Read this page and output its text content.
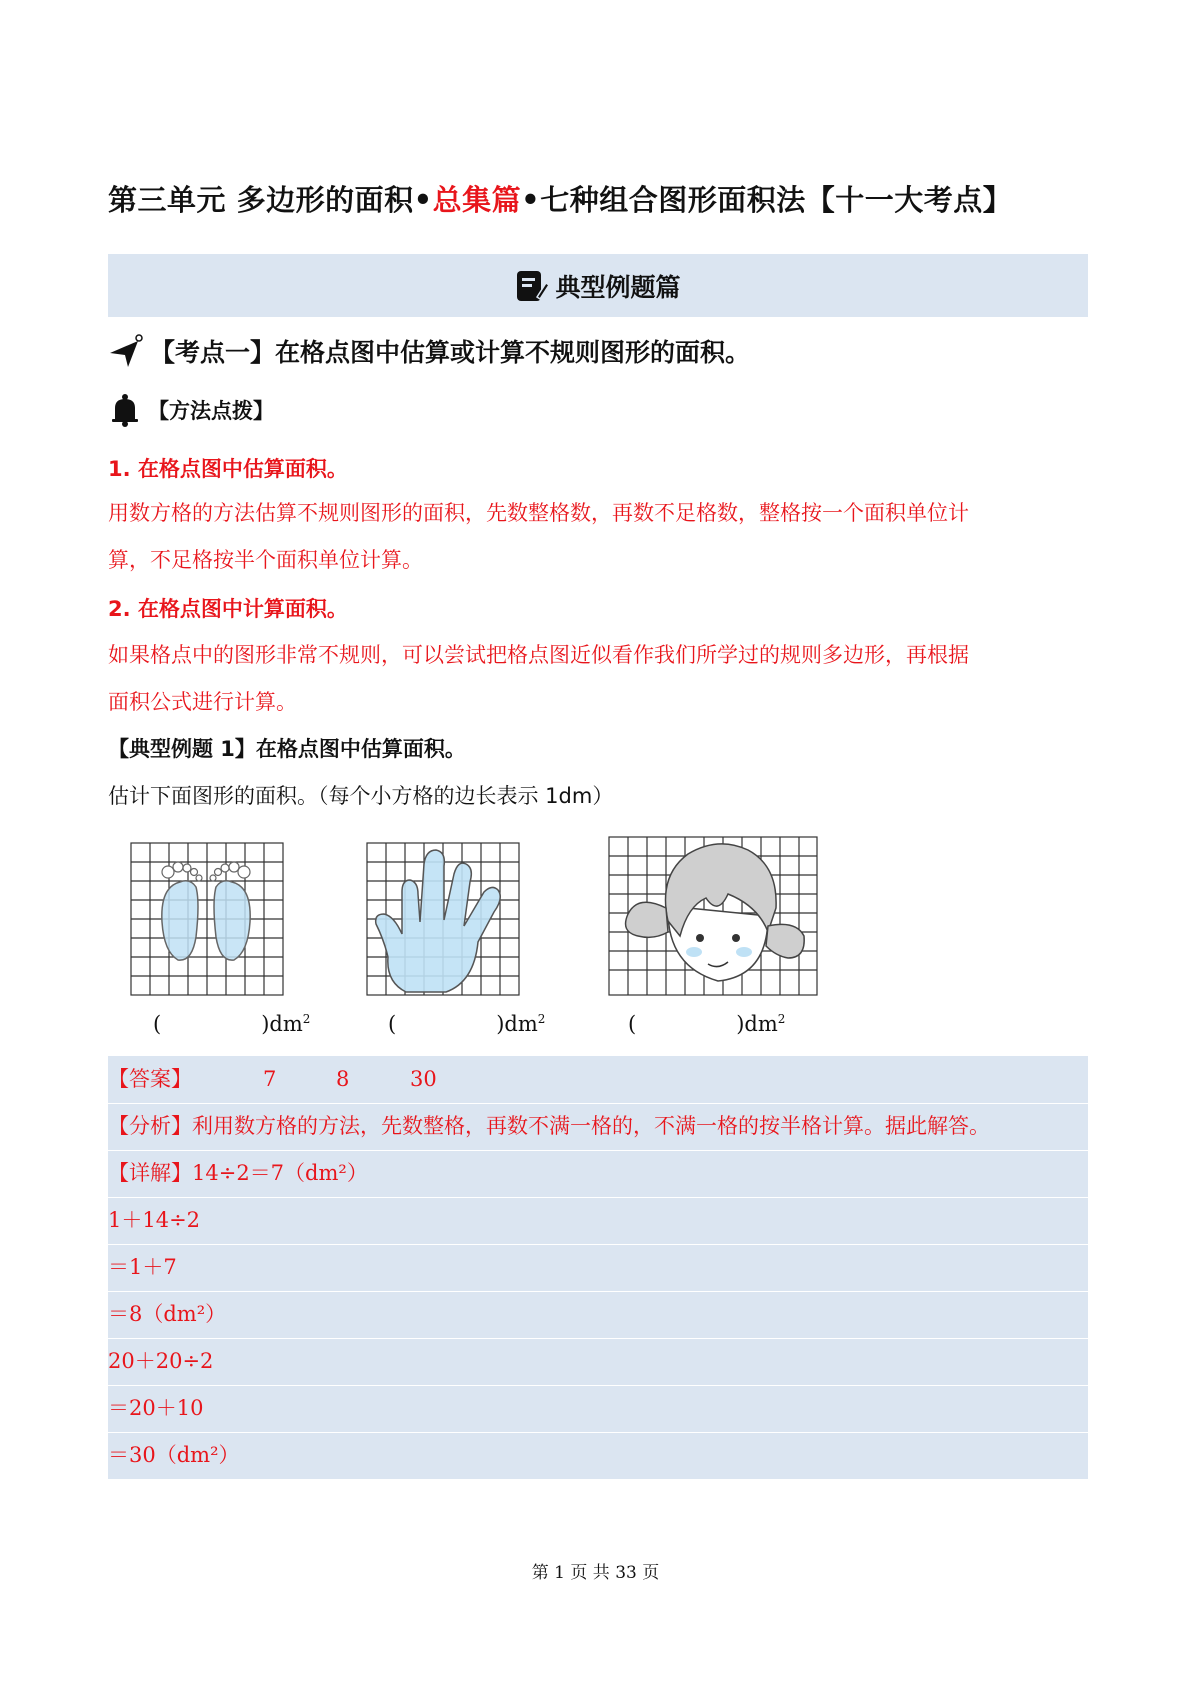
第三单元 多边形的面积•总集篇•七种组合图形面积法【十一大考点】
典型例题篇
【考点一】在格点图中估算或计算不规则图形的面积。
【方法点拨】
1. 在格点图中估算面积。
用数方格的方法估算不规则图形的面积，先数整格数，再数不足格数，整格按一个面积单位计
算，不足格按半个面积单位计算。
2. 在格点图中计算面积。
如果格点中的图形非常不规则，可以尝试把格点图近似看作我们所学过的规则多边形，再根据
面积公式进行计算。
【典型例题 1】在格点图中估算面积。
估计下面图形的面积。（每个小方格的边长表示 1dm）
(	)$dm^2$	(	)$dm^2$	(	)$dm^2$
【答案】	7	8	30
【分析】利用数方格的方法，先数整格，再数不满一格的，不满一格的按半格计算。据此解答。
【详解】14÷2＝7（dm²）
1＋14÷2
＝1＋7
＝8（dm²）
20＋20÷2
＝20＋10
＝30（dm²）
第 1 页 共 33 页
